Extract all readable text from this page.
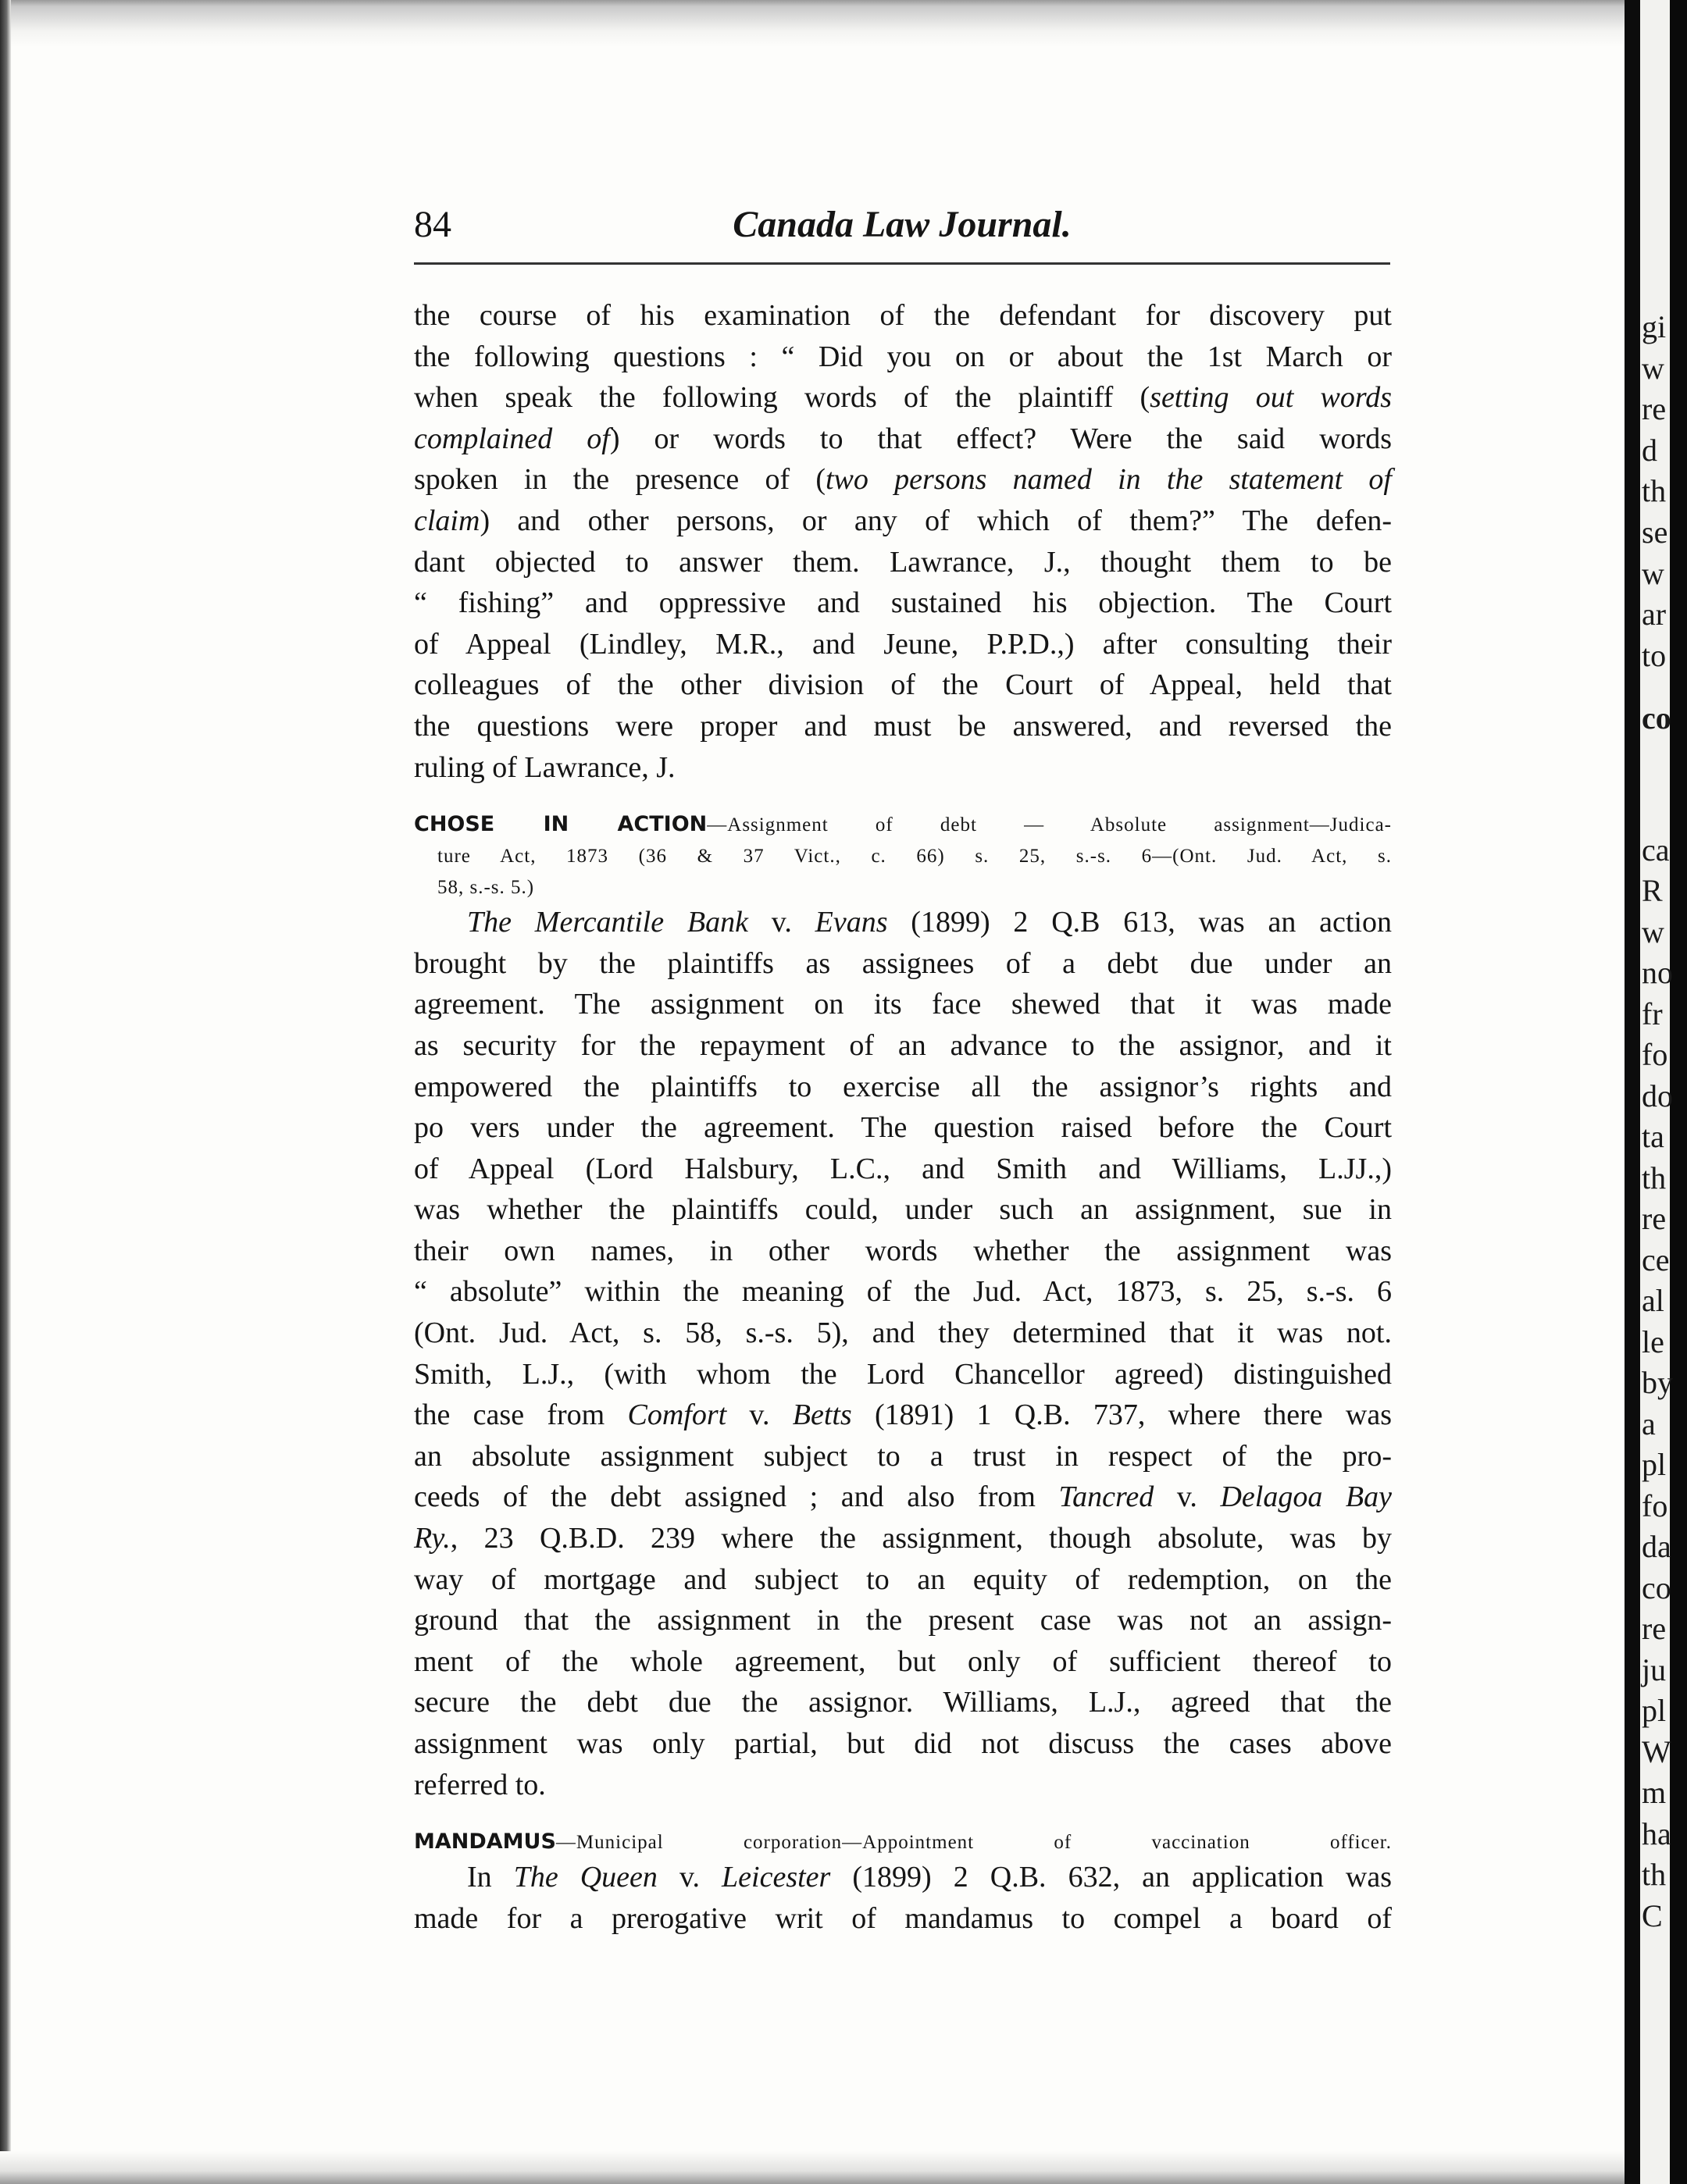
gi
w
re
d
th
se
w
ar
to
co
ca
R
w
no
fr
fo
do
ta
th
re
ce
al
le
by
a
pl
fo
da
co
re
ju
pl
W
m
ha
th
C
Canada Law Journal.
84
the course of his examination of the defendant for discovery put
the following questions : “ Did you on or about the 1st March or
when speak the following words of the plaintiff (setting out words
complained of) or words to that effect? Were the said words
spoken in the presence of (two persons named in the statement of
claim) and other persons, or any of which of them?” The defen-
dant objected to answer them. Lawrance, J., thought them to be
“ fishing” and oppressive and sustained his objection. The Court
of Appeal (Lindley, M.R., and Jeune, P.P.D.,) after consulting their
colleagues of the other division of the Court of Appeal, held that
the questions were proper and must be answered, and reversed the
ruling of Lawrance, J.
CHOSE IN ACTION—Assignment of debt — Absolute assignment—Judica-
ture Act, 1873 (36 & 37 Vict., c. 66) s. 25, s.-s. 6—(Ont. Jud. Act, s.
58, s.-s. 5.)
The Mercantile Bank v. Evans (1899) 2 Q.B 613, was an action
brought by the plaintiffs as assignees of a debt due under an
agreement. The assignment on its face shewed that it was made
as security for the repayment of an advance to the assignor, and it
empowered the plaintiffs to exercise all the assignor’s rights and
po vers under the agreement. The question raised before the Court
of Appeal (Lord Halsbury, L.C., and Smith and Williams, L.JJ.,)
was whether the plaintiffs could, under such an assignment, sue in
their own names, in other words whether the assignment was
“ absolute” within the meaning of the Jud. Act, 1873, s. 25, s.-s. 6
(Ont. Jud. Act, s. 58, s.-s. 5), and they determined that it was not.
Smith, L.J., (with whom the Lord Chancellor agreed) distinguished
the case from Comfort v. Betts (1891) 1 Q.B. 737, where there was
an absolute assignment subject to a trust in respect of the pro-
ceeds of the debt assigned ; and also from Tancred v. Delagoa Bay
Ry., 23 Q.B.D. 239 where the assignment, though absolute, was by
way of mortgage and subject to an equity of redemption, on the
ground that the assignment in the present case was not an assign-
ment of the whole agreement, but only of sufficient thereof to
secure the debt due the assignor. Williams, L.J., agreed that the
assignment was only partial, but did not discuss the cases above
referred to.
MANDAMUS—Municipal corporation—Appointment of vaccination officer.
In The Queen v. Leicester (1899) 2 Q.B. 632, an application was
made for a prerogative writ of mandamus to compel a board of
